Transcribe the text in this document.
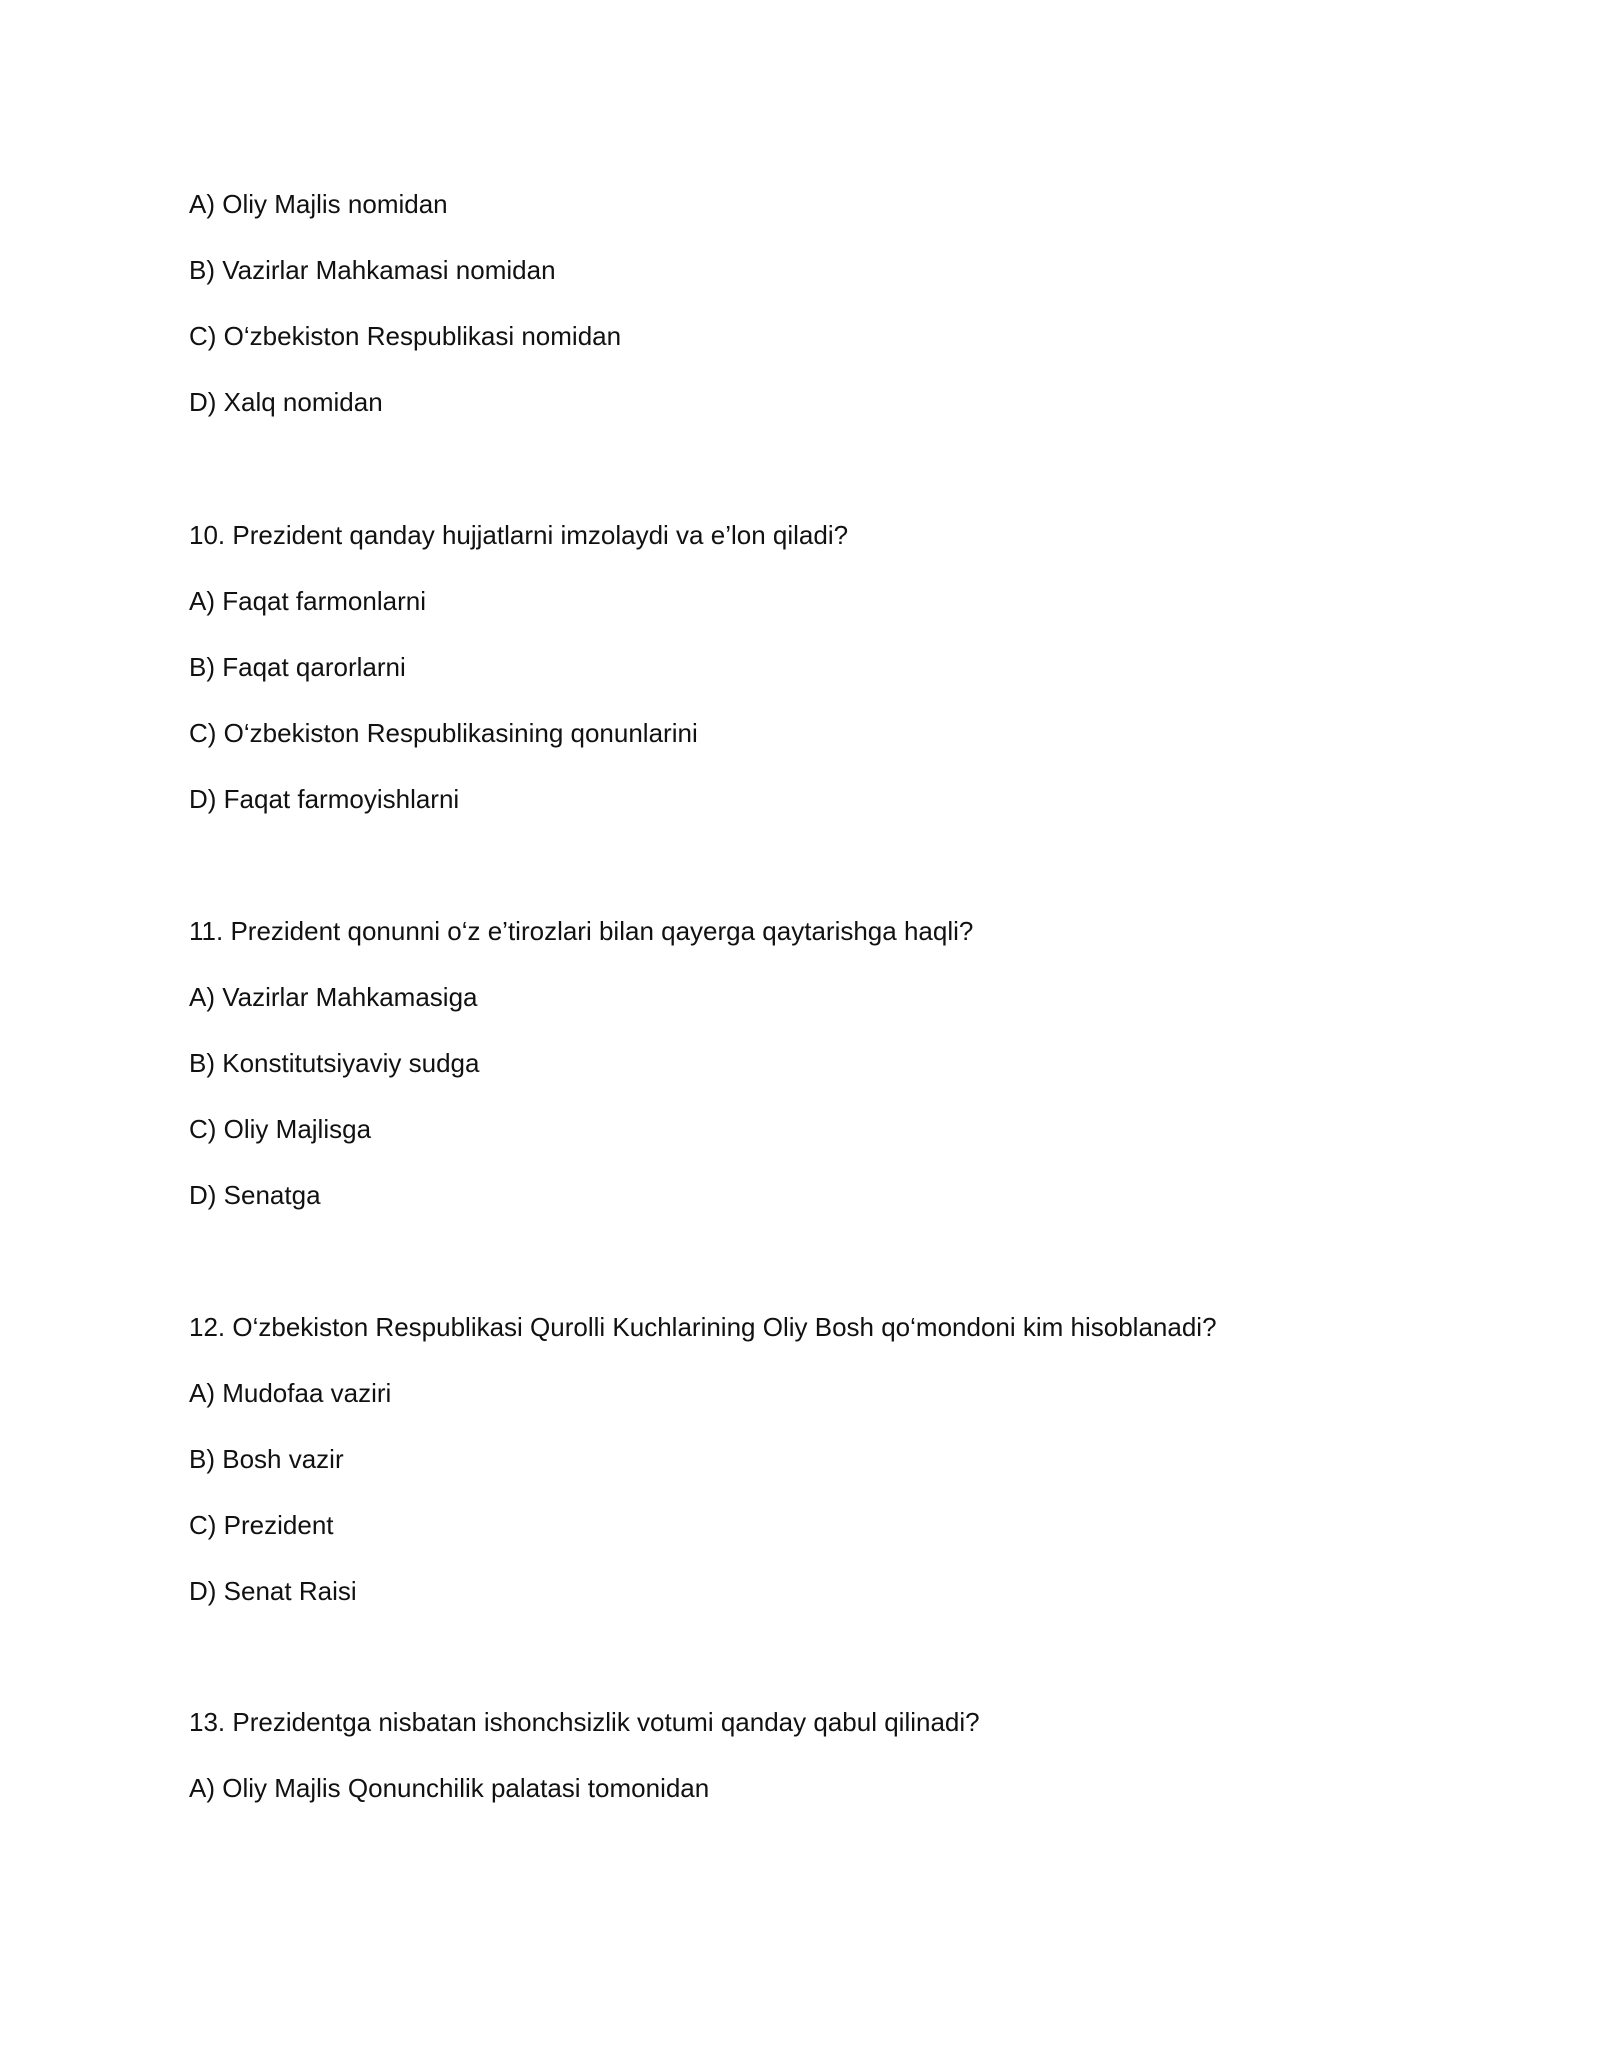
A) Oliy Majlis nomidan
B) Vazirlar Mahkamasi nomidan
C) O‘zbekiston Respublikasi nomidan
D) Xalq nomidan
10. Prezident qanday hujjatlarni imzolaydi va e’lon qiladi?
A) Faqat farmonlarni
B) Faqat qarorlarni
C) O‘zbekiston Respublikasining qonunlarini
D) Faqat farmoyishlarni
11. Prezident qonunni o‘z e’tirozlari bilan qayerga qaytarishga haqli?
A) Vazirlar Mahkamasiga
B) Konstitutsiyaviy sudga
C) Oliy Majlisga
D) Senatga
12. O‘zbekiston Respublikasi Qurolli Kuchlarining Oliy Bosh qo‘mondoni kim hisoblanadi?
A) Mudofaa vaziri
B) Bosh vazir
C) Prezident
D) Senat Raisi
13. Prezidentga nisbatan ishonchsizlik votumi qanday qabul qilinadi?
A) Oliy Majlis Qonunchilik palatasi tomonidan
